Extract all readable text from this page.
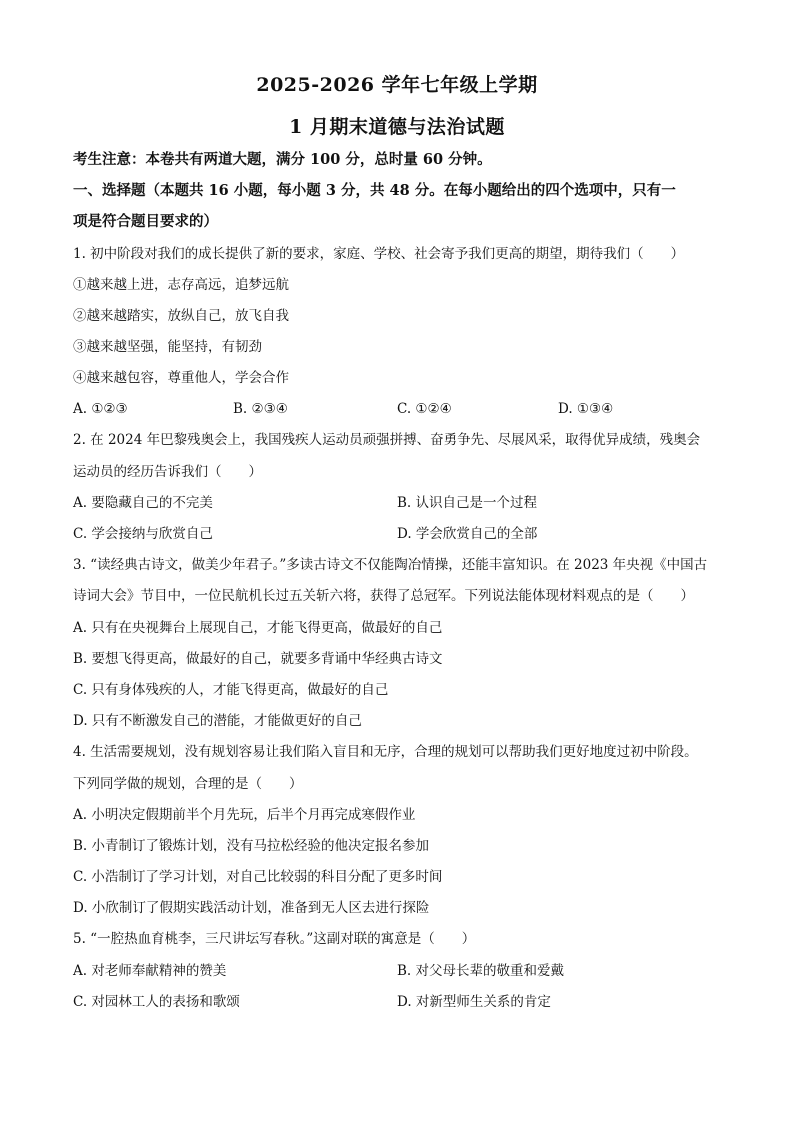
2025-2026 学年七年级上学期
1 月期末道德与法治试题
考生注意：本卷共有两道大题，满分 100 分，总时量 60 分钟。
一、选择题（本题共 16 小题，每小题 3 分，共 48 分。在每小题给出的四个选项中，只有一
项是符合题目要求的）
1. 初中阶段对我们的成长提供了新的要求，家庭、学校、社会寄予我们更高的期望，期待我们（　　）
①越来越上进，志存高远，追梦远航
②越来越踏实，放纵自己，放飞自我
③越来越坚强，能坚持，有韧劲
④越来越包容，尊重他人，学会合作
A. ①②③	B. ②③④	C. ①②④	D. ①③④
2. 在 2024 年巴黎残奥会上，我国残疾人运动员顽强拼搏、奋勇争先、尽展风采，取得优异成绩，残奥会
运动员的经历告诉我们（　　）
A. 要隐藏自己的不完美	B. 认识自己是一个过程
C. 学会接纳与欣赏自己	D. 学会欣赏自己的全部
3. “读经典古诗文，做美少年君子。”多读古诗文不仅能陶冶情操，还能丰富知识。在 2023 年央视《中国古
诗词大会》节目中，一位民航机长过五关斩六将，获得了总冠军。下列说法能体现材料观点的是（　　）
A. 只有在央视舞台上展现自己，才能飞得更高，做最好的自己
B. 要想飞得更高，做最好的自己，就要多背诵中华经典古诗文
C. 只有身体残疾的人，才能飞得更高，做最好的自己
D. 只有不断激发自己的潜能，才能做更好的自己
4. 生活需要规划，没有规划容易让我们陷入盲目和无序，合理的规划可以帮助我们更好地度过初中阶段。
下列同学做的规划，合理的是（　　）
A. 小明决定假期前半个月先玩，后半个月再完成寒假作业
B. 小青制订了锻炼计划，没有马拉松经验的他决定报名参加
C. 小浩制订了学习计划，对自己比较弱的科目分配了更多时间
D. 小欣制订了假期实践活动计划，准备到无人区去进行探险
5. “一腔热血育桃李，三尺讲坛写春秋。”这副对联的寓意是（　　）
A. 对老师奉献精神的赞美	B. 对父母长辈的敬重和爱戴
C. 对园林工人的表扬和歌颂	D. 对新型师生关系的肯定
